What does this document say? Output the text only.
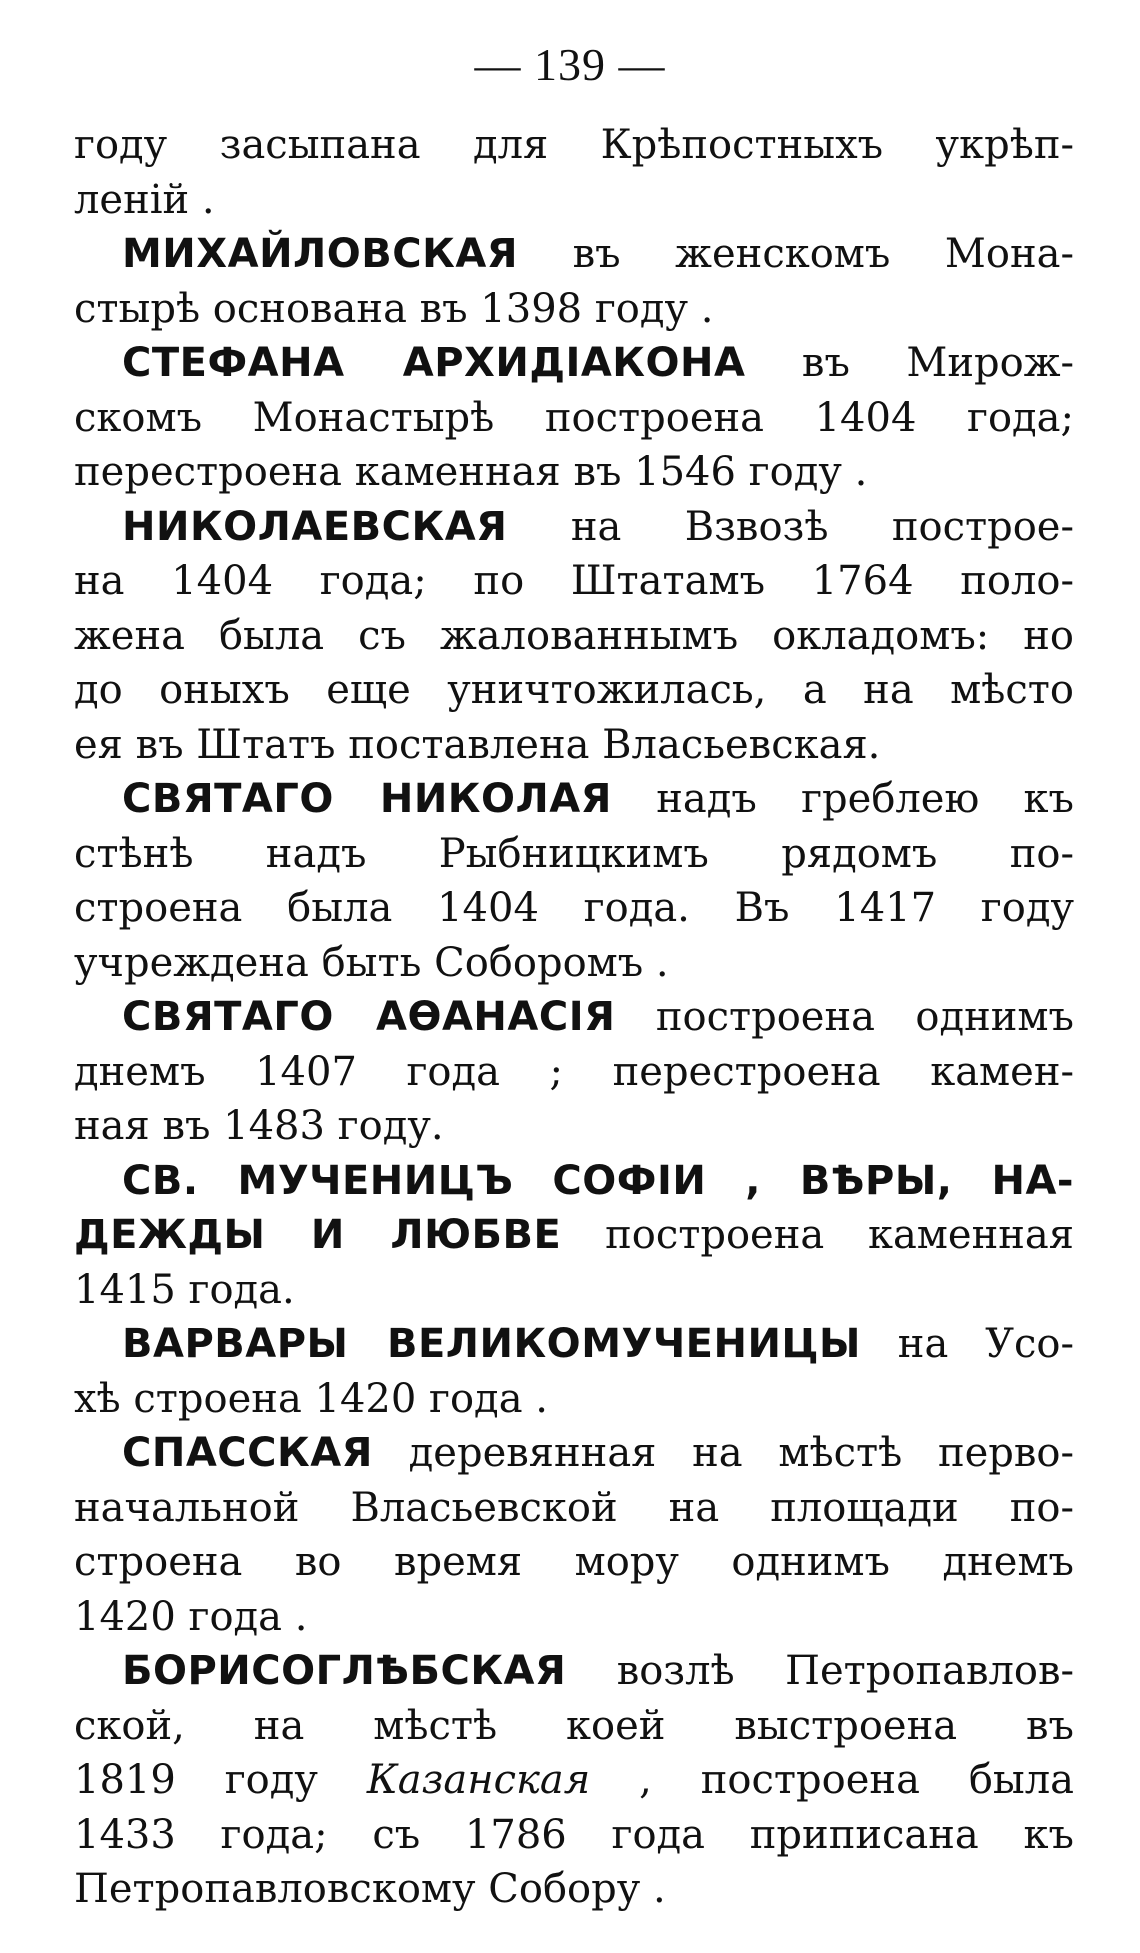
— 139 —
году засыпана для Крѣпостныхъ укрѣп-
леній .
МИХАЙЛОВСКАЯ въ женскомъ Мона-
стырѣ основана въ 1398 году .
СТЕФАНА АРХИДІАКОНА въ Мирож-
скомъ Монастырѣ построена 1404 года;
перестроена каменная въ 1546 году .
НИКОЛАЕВСКАЯ на Взвозѣ построе-
на 1404 года; по Штатамъ 1764 поло-
жена была съ жалованнымъ окладомъ: но
до оныхъ еще уничтожилась, а на мѣсто
ея въ Штатъ поставлена Власьевская.
СВЯТАГО НИКОЛАЯ надъ греблею къ
стѣнѣ надъ Рыбницкимъ рядомъ по-
строена была 1404 года. Въ 1417 году
учреждена быть Соборомъ .
СВЯТАГО АѲАНАСІЯ построена однимъ
днемъ 1407 года ; перестроена камен-
ная въ 1483 году.
СВ. МУЧЕНИЦЪ СОФІИ , ВѢРЫ, НА-
ДЕЖДЫ И ЛЮБВЕ построена каменная
1415 года.
ВАРВАРЫ ВЕЛИКОМУЧЕНИЦЫ на Усо-
хѣ строена 1420 года .
СПАССКАЯ деревянная на мѣстѣ перво-
начальной Власьевской на площади по-
строена во время мору однимъ днемъ
1420 года .
БОРИСОГЛѢБСКАЯ возлѣ Петропавлов-
ской, на мѣстѣ коей выстроена въ
1819 году Казанская , построена была
1433 года; съ 1786 года приписана къ
Петропавловскому Собору .
